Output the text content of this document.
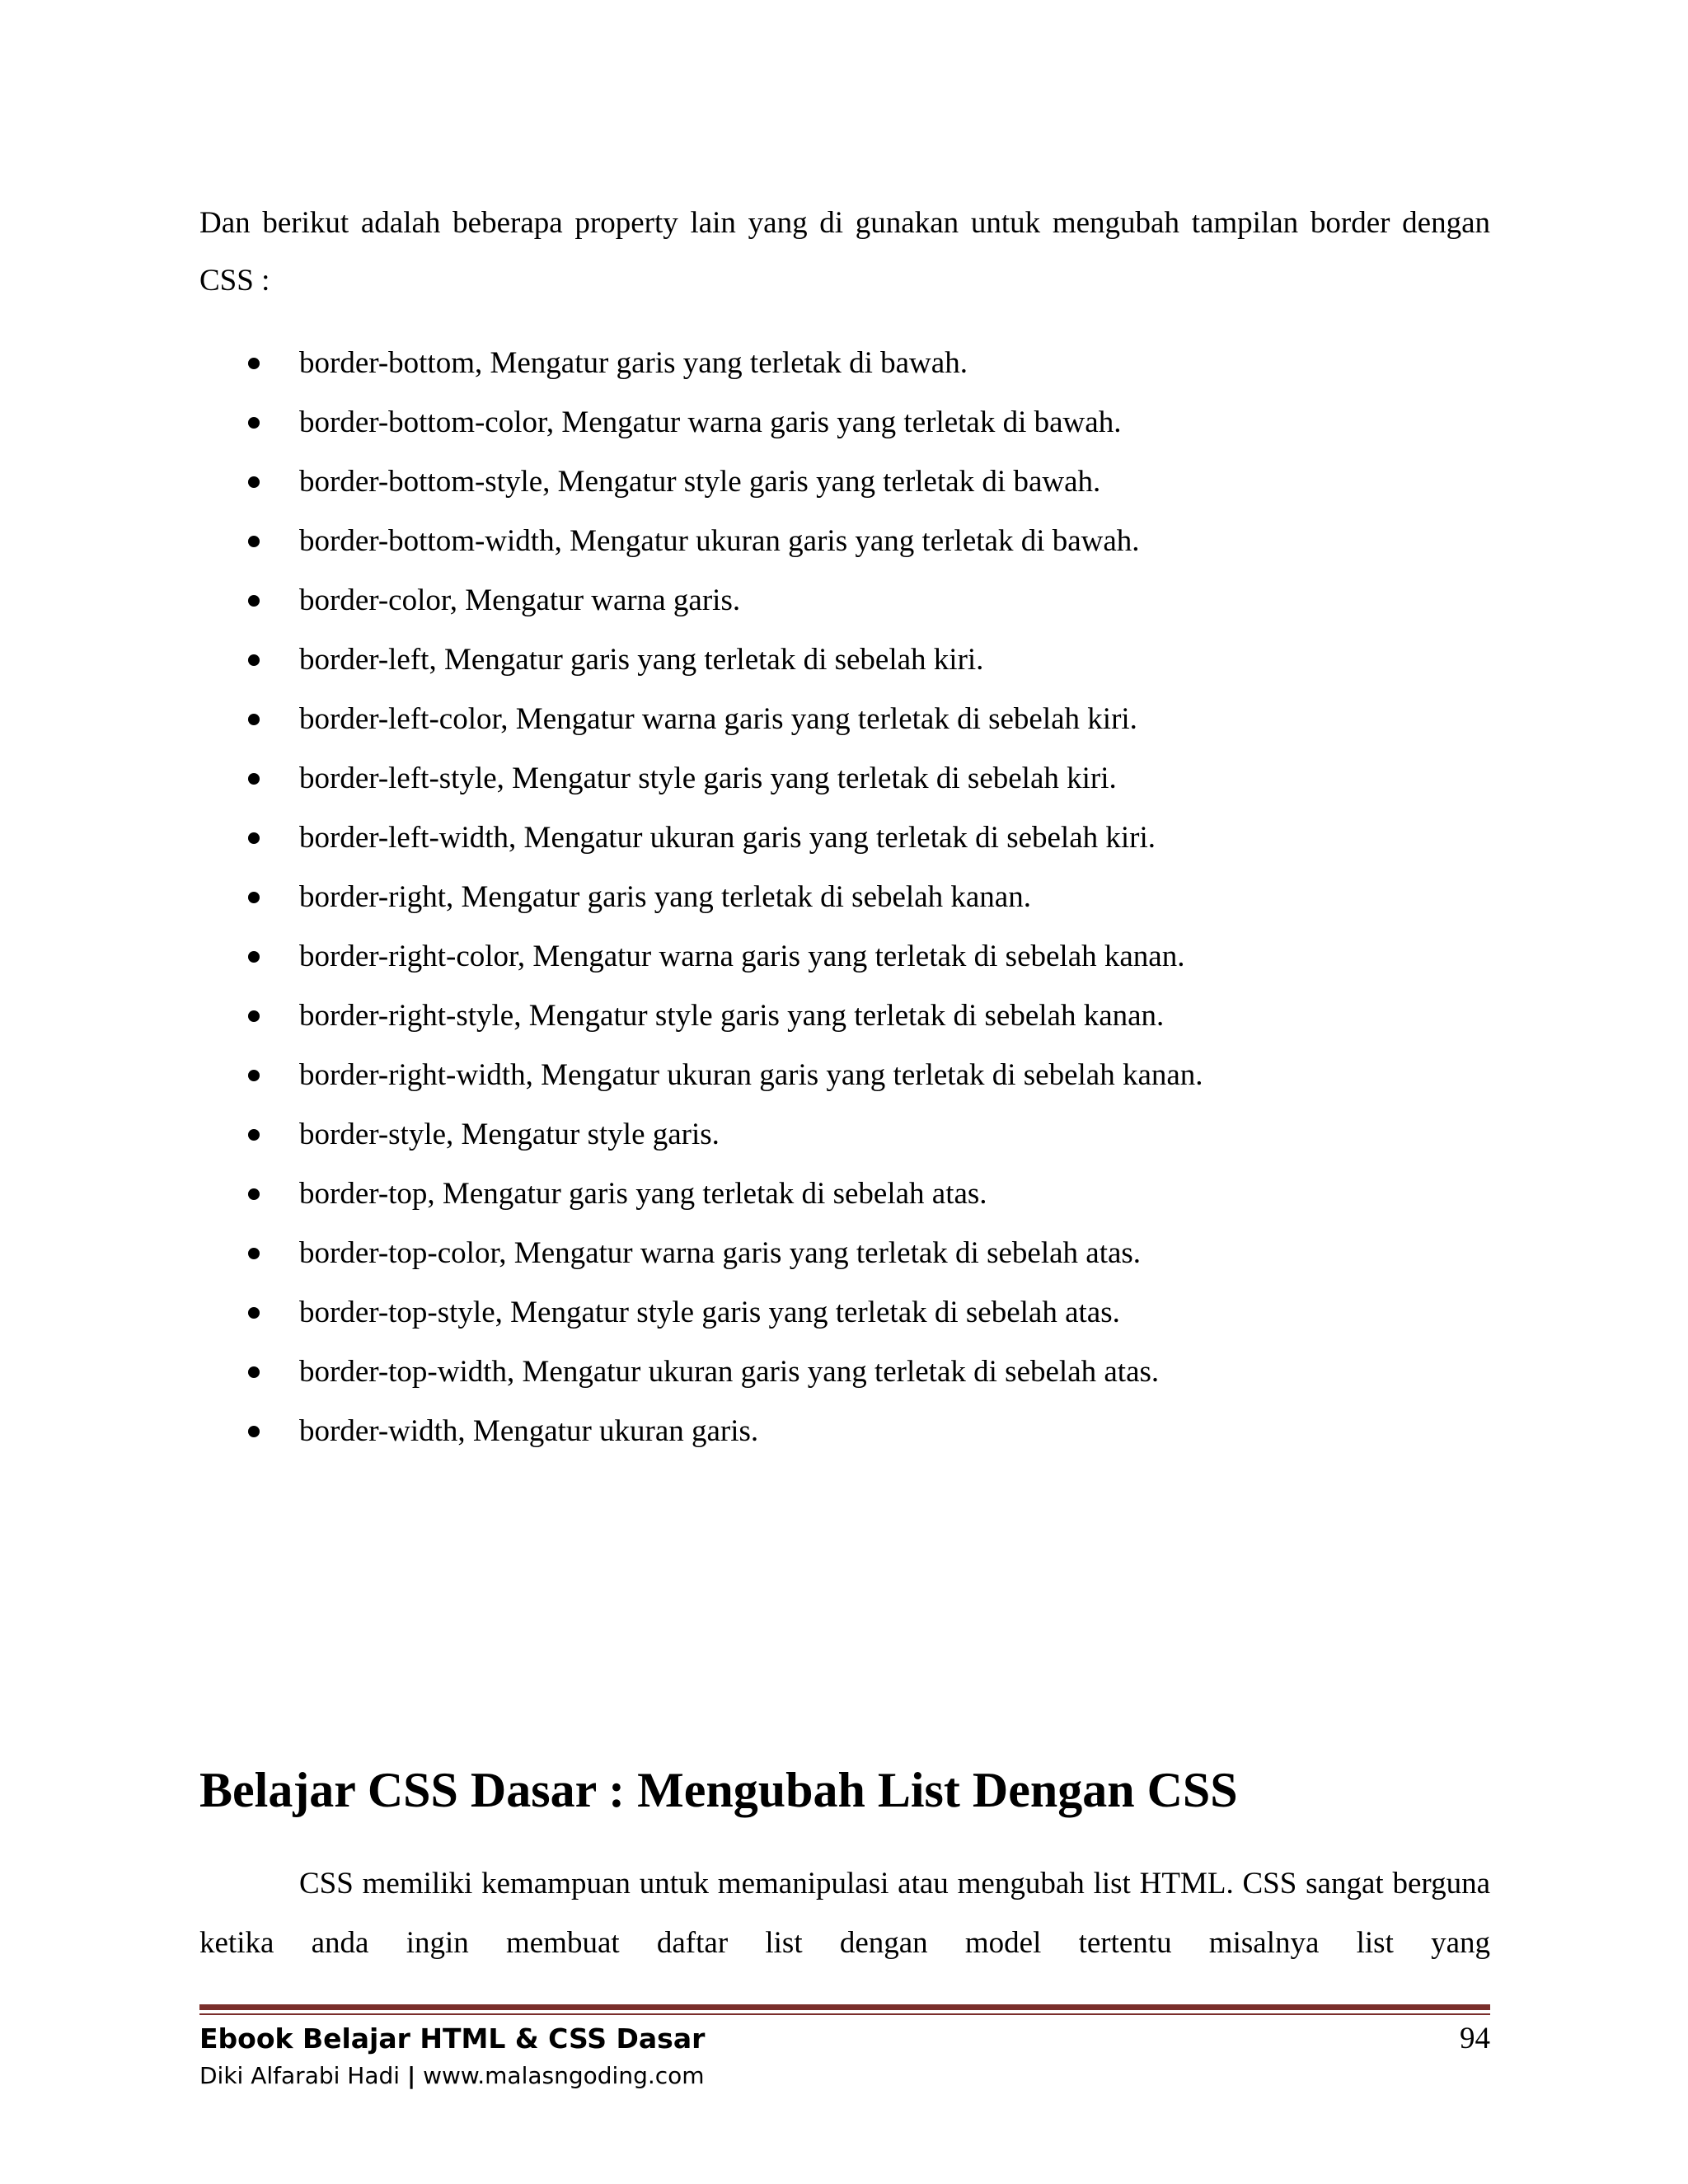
Dan berikut adalah beberapa property lain yang di gunakan untuk mengubah tampilan border dengan CSS :

border-bottom, Mengatur garis yang terletak di bawah.
border-bottom-color, Mengatur warna garis yang terletak di bawah.
border-bottom-style, Mengatur style garis yang terletak di bawah.
border-bottom-width, Mengatur ukuran garis yang terletak di bawah.
border-color, Mengatur warna garis.
border-left, Mengatur garis yang terletak di sebelah kiri.
border-left-color, Mengatur warna garis yang terletak di sebelah kiri.
border-left-style, Mengatur style garis yang terletak di sebelah kiri.
border-left-width, Mengatur ukuran garis yang terletak di sebelah kiri.
border-right, Mengatur garis yang terletak di sebelah kanan.
border-right-color, Mengatur warna garis yang terletak di sebelah kanan.
border-right-style, Mengatur style garis yang terletak di sebelah kanan.
border-right-width, Mengatur ukuran garis yang terletak di sebelah kanan.
border-style, Mengatur style garis.
border-top, Mengatur garis yang terletak di sebelah atas.
border-top-color, Mengatur warna garis yang terletak di sebelah atas.
border-top-style, Mengatur style garis yang terletak di sebelah atas.
border-top-width, Mengatur ukuran garis yang terletak di sebelah atas.
border-width, Mengatur ukuran garis.
Belajar CSS Dasar : Mengubah List Dengan CSS

CSS memiliki kemampuan untuk memanipulasi atau mengubah list HTML. CSS sangat berguna ketika anda ingin membuat daftar list dengan model tertentu misalnya list yang

Ebook Belajar HTML & CSS Dasar	94
Diki Alfarabi Hadi | www.malasngoding.com
